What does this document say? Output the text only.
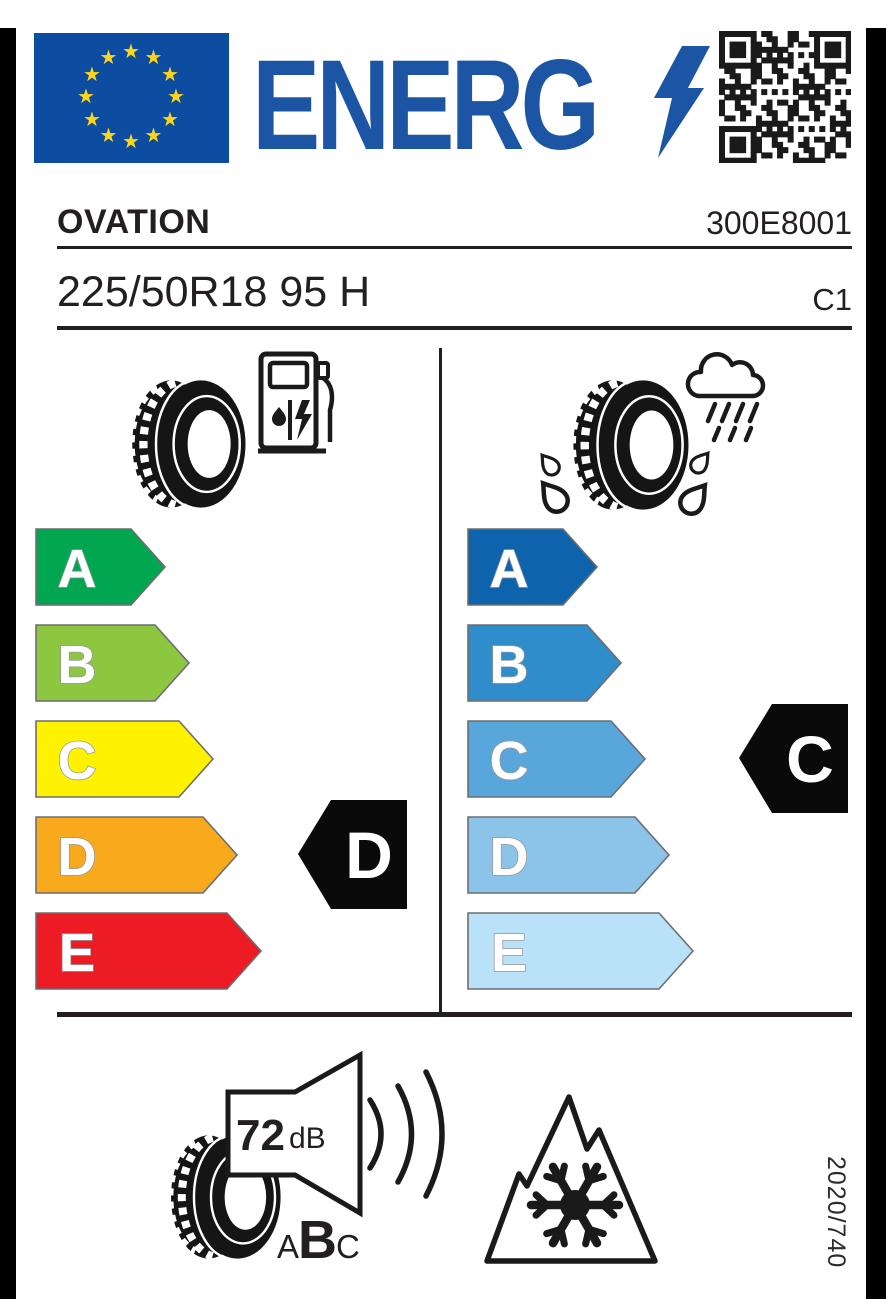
★ ★
★
★
★
★
★
★
★
★
★
★ ENERG
OVATION	300E8001
225/50R18 95 H	C1
A
B
C
D
E
D
A
B
C
D
E
C
72 dB
A
B C	2020/740
